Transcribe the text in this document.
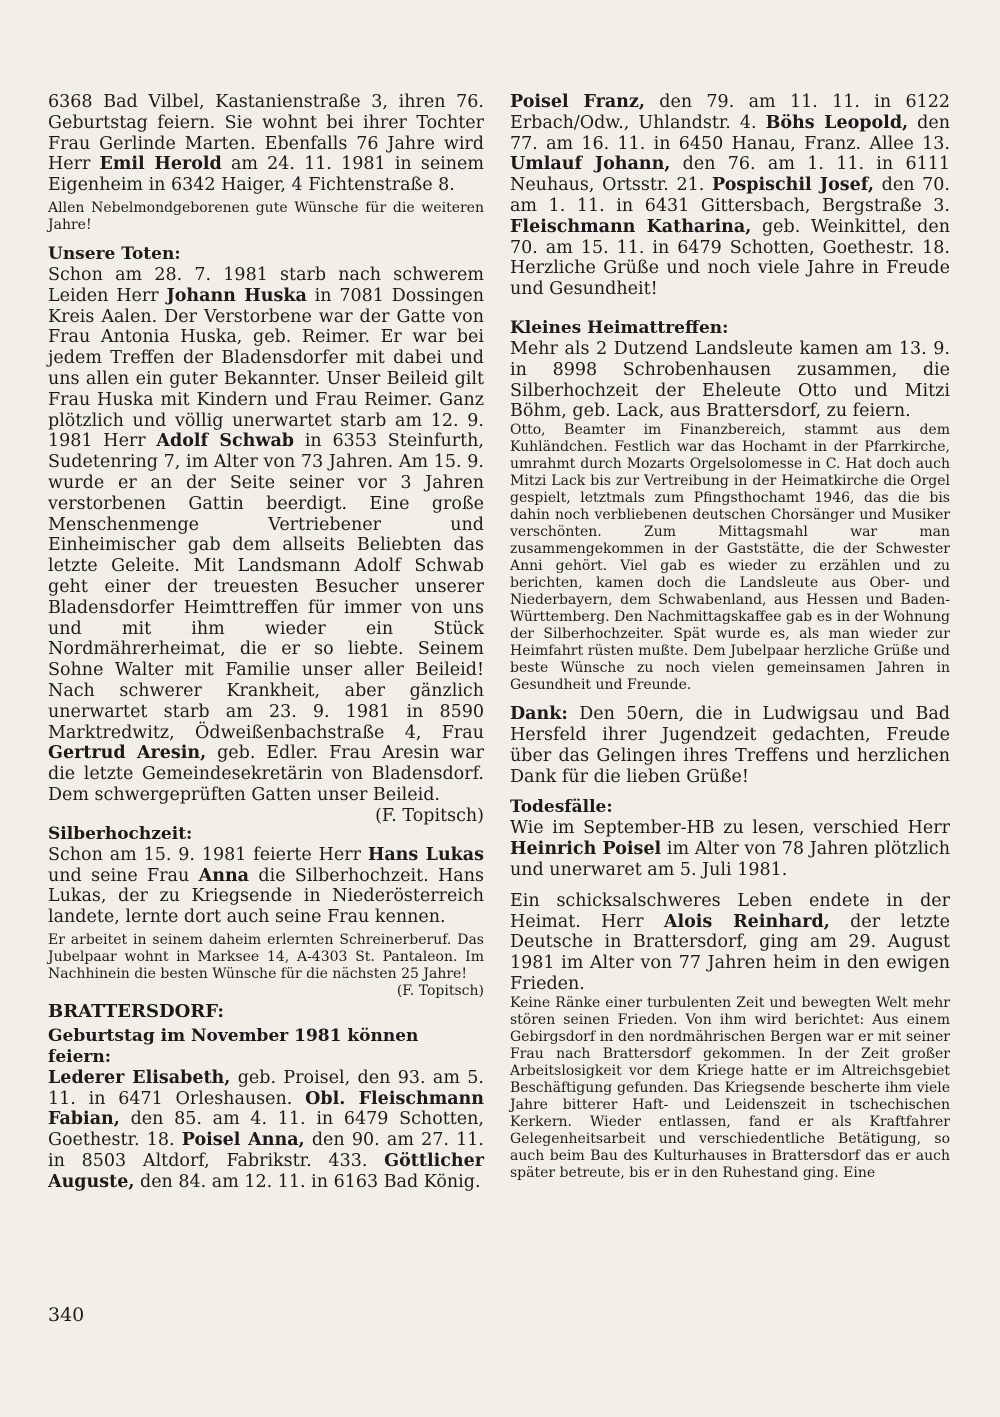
6368 Bad Vilbel, Kastanienstraße 3, ihren 76. Geburtstag feiern. Sie wohnt bei ihrer Tochter Frau Gerlinde Marten. Ebenfalls 76 Jahre wird Herr Emil Herold am 24. 11. 1981 in seinem Eigenheim in 6342 Haiger, 4 Fichtenstraße 8.

Allen Nebelmondgeborenen gute Wünsche für die weiteren Jahre!

Unsere Toten:

Schon am 28. 7. 1981 starb nach schwerem Leiden Herr Johann Huska in 7081 Dossingen Kreis Aalen. Der Verstorbene war der Gatte von Frau Antonia Huska, geb. Reimer. Er war bei jedem Treffen der Bladensdorfer mit dabei und uns allen ein guter Bekannter. Unser Beileid gilt Frau Huska mit Kindern und Frau Reimer. Ganz plötzlich und völlig unerwartet starb am 12. 9. 1981 Herr Adolf Schwab in 6353 Steinfurth, Sudetenring 7, im Alter von 73 Jahren. Am 15. 9. wurde er an der Seite seiner vor 3 Jahren verstorbenen Gattin beerdigt. Eine große Menschenmenge Vertriebener und Einheimischer gab dem allseits Beliebten das letzte Geleite. Mit Landsmann Adolf Schwab geht einer der treuesten Besucher unserer Bladensdorfer Heimttreffen für immer von uns und mit ihm wieder ein Stück Nordmährerheimat, die er so liebte. Seinem Sohne Walter mit Familie unser aller Beileid! Nach schwerer Krankheit, aber gänzlich unerwartet starb am 23. 9. 1981 in 8590 Marktredwitz, Ödweißenbachstraße 4, Frau Gertrud Aresin, geb. Edler. Frau Aresin war die letzte Gemeindesekretärin von Bladensdorf. Dem schwergeprüften Gatten unser Beileid.
(F. Topitsch)

Silberhochzeit:

Schon am 15. 9. 1981 feierte Herr Hans Lukas und seine Frau Anna die Silberhochzeit. Hans Lukas, der zu Kriegsende in Niederösterreich landete, lernte dort auch seine Frau kennen.

Er arbeitet in seinem daheim erlernten Schreinerberuf. Das Jubelpaar wohnt in Marksee 14, A-4303 St. Pantaleon. Im Nachhinein die besten Wünsche für die nächsten 25 Jahre!
(F. Topitsch)

BRATTERSDORF:

Geburtstag im November 1981 können feiern:

Lederer Elisabeth, geb. Proisel, den 93. am 5. 11. in 6471 Orleshausen. Obl. Fleischmann Fabian, den 85. am 4. 11. in 6479 Schotten, Goethestr. 18. Poisel Anna, den 90. am 27. 11. in 8503 Altdorf, Fabrikstr. 433. Göttlicher Auguste, den 84. am 12. 11. in 6163 Bad König.

Poisel Franz, den 79. am 11. 11. in 6122 Erbach/Odw., Uhlandstr. 4. Böhs Leopold, den 77. am 16. 11. in 6450 Hanau, Franz. Allee 13. Umlauf Johann, den 76. am 1. 11. in 6111 Neuhaus, Ortsstr. 21. Pospischil Josef, den 70. am 1. 11. in 6431 Gittersbach, Bergstraße 3. Fleischmann Katharina, geb. Weinkittel, den 70. am 15. 11. in 6479 Schotten, Goethestr. 18. Herzliche Grüße und noch viele Jahre in Freude und Gesundheit!

Kleines Heimattreffen:

Mehr als 2 Dutzend Landsleute kamen am 13. 9. in 8998 Schrobenhausen zusammen, die Silberhochzeit der Eheleute Otto und Mitzi Böhm, geb. Lack, aus Brattersdorf, zu feiern.

Otto, Beamter im Finanzbereich, stammt aus dem Kuhländchen. Festlich war das Hochamt in der Pfarrkirche, umrahmt durch Mozarts Orgelsolomesse in C. Hat doch auch Mitzi Lack bis zur Vertreibung in der Heimatkirche die Orgel gespielt, letztmals zum Pfingsthochamt 1946, das die bis dahin noch verbliebenen deutschen Chorsänger und Musiker verschönten. Zum Mittagsmahl war man zusammengekommen in der Gaststätte, die der Schwester Anni gehört. Viel gab es wieder zu erzählen und zu berichten, kamen doch die Landsleute aus Ober- und Niederbayern, dem Schwabenland, aus Hessen und Baden-Württemberg. Den Nachmittagskaffee gab es in der Wohnung der Silberhochzeiter. Spät wurde es, als man wieder zur Heimfahrt rüsten mußte. Dem Jubelpaar herzliche Grüße und beste Wünsche zu noch vielen gemeinsamen Jahren in Gesundheit und Freunde.

Dank: Den 50ern, die in Ludwigsau und Bad Hersfeld ihrer Jugendzeit gedachten, Freude über das Gelingen ihres Treffens und herzlichen Dank für die lieben Grüße!

Todesfälle:

Wie im September-HB zu lesen, verschied Herr Heinrich Poisel im Alter von 78 Jahren plötzlich und unerwaret am 5. Juli 1981.

Ein schicksalschweres Leben endete in der Heimat. Herr Alois Reinhard, der letzte Deutsche in Brattersdorf, ging am 29. August 1981 im Alter von 77 Jahren heim in den ewigen Frieden.

Keine Ränke einer turbulenten Zeit und bewegten Welt mehr stören seinen Frieden. Von ihm wird berichtet: Aus einem Gebirgsdorf in den nordmährischen Bergen war er mit seiner Frau nach Brattersdorf gekommen. In der Zeit großer Arbeitslosigkeit vor dem Kriege hatte er im Altreichsgebiet Beschäftigung gefunden. Das Kriegsende bescherte ihm viele Jahre bitterer Haft- und Leidenszeit in tschechischen Kerkern. Wieder entlassen, fand er als Kraftfahrer Gelegenheitsarbeit und verschiedentliche Betätigung, so auch beim Bau des Kulturhauses in Brattersdorf das er auch später betreute, bis er in den Ruhestand ging. Eine

340
